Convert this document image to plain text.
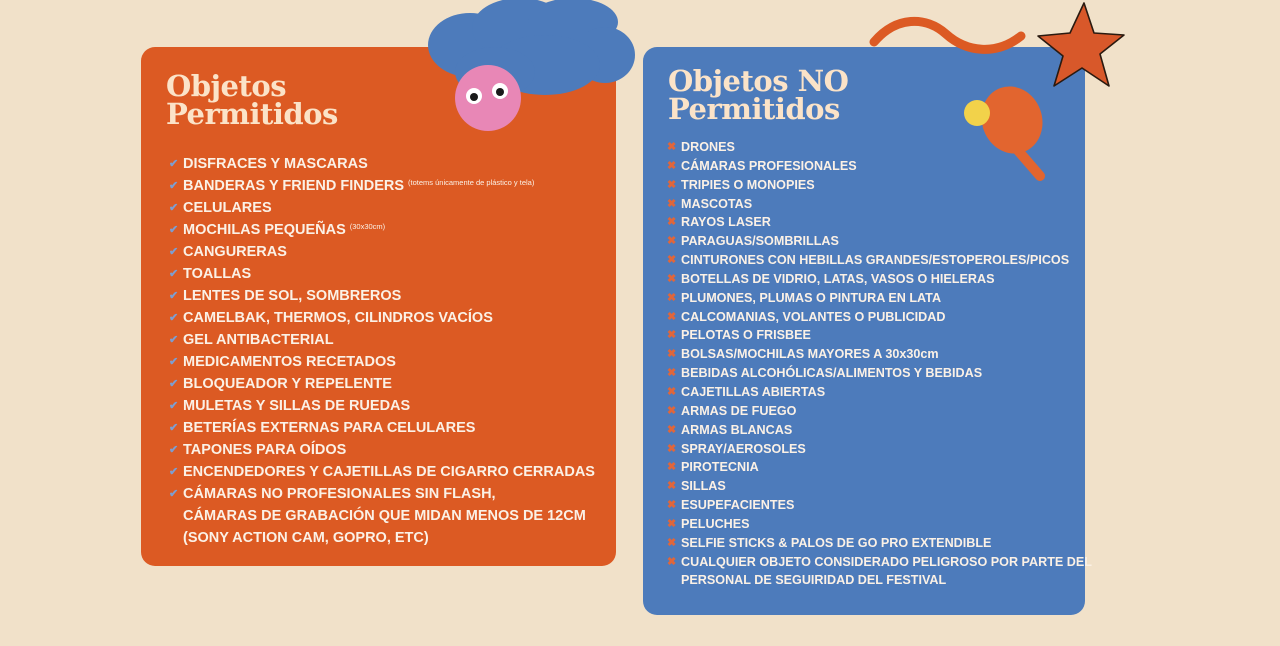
Objetos
Permitidos
✔ DISFRACES Y MASCARAS
✔ BANDERAS Y FRIEND FINDERS (totems únicamente de plástico y tela)
✔ CELULARES
✔ MOCHILAS PEQUEÑAS (30x30cm)
✔ CANGURERAS
✔ TOALLAS
✔ LENTES DE SOL, SOMBREROS
✔ CAMELBAK, THERMOS, CILINDROS VACÍOS
✔ GEL ANTIBACTERIAL
✔ MEDICAMENTOS RECETADOS
✔ BLOQUEADOR Y REPELENTE
✔ MULETAS Y SILLAS DE RUEDAS
✔ BETERÍAS EXTERNAS PARA CELULARES
✔ TAPONES PARA OÍDOS
✔ ENCENDEDORES Y CAJETILLAS DE CIGARRO CERRADAS
✔ CÁMARAS NO PROFESIONALES SIN FLASH,
CÁMARAS DE GRABACIÓN QUE MIDAN MENOS DE 12CM
(SONY ACTION CAM, GOPRO, ETC)
Objetos NO
Permitidos
✖ DRONES
✖ CÁMARAS PROFESIONALES
✖ TRIPIES O MONOPIES
✖ MASCOTAS
✖ RAYOS LASER
✖ PARAGUAS/SOMBRILLAS
✖ CINTURONES CON HEBILLAS GRANDES/ESTOPEROLES/PICOS
✖ BOTELLAS DE VIDRIO, LATAS, VASOS O HIELERAS
✖ PLUMONES, PLUMAS O PINTURA EN LATA
✖ CALCOMANIAS, VOLANTES O PUBLICIDAD
✖ PELOTAS O FRISBEE
✖ BOLSAS/MOCHILAS MAYORES A 30x30cm
✖ BEBIDAS ALCOHÓLICAS/ALIMENTOS Y BEBIDAS
✖ CAJETILLAS ABIERTAS
✖ ARMAS DE FUEGO
✖ ARMAS BLANCAS
✖ SPRAY/AEROSOLES
✖ PIROTECNIA
✖ SILLAS
✖ ESUPEFACIENTES
✖ PELUCHES
✖ SELFIE STICKS & PALOS DE GO PRO EXTENDIBLE
✖ CUALQUIER OBJETO CONSIDERADO PELIGROSO POR PARTE DEL
PERSONAL DE SEGUIRIDAD DEL FESTIVAL
